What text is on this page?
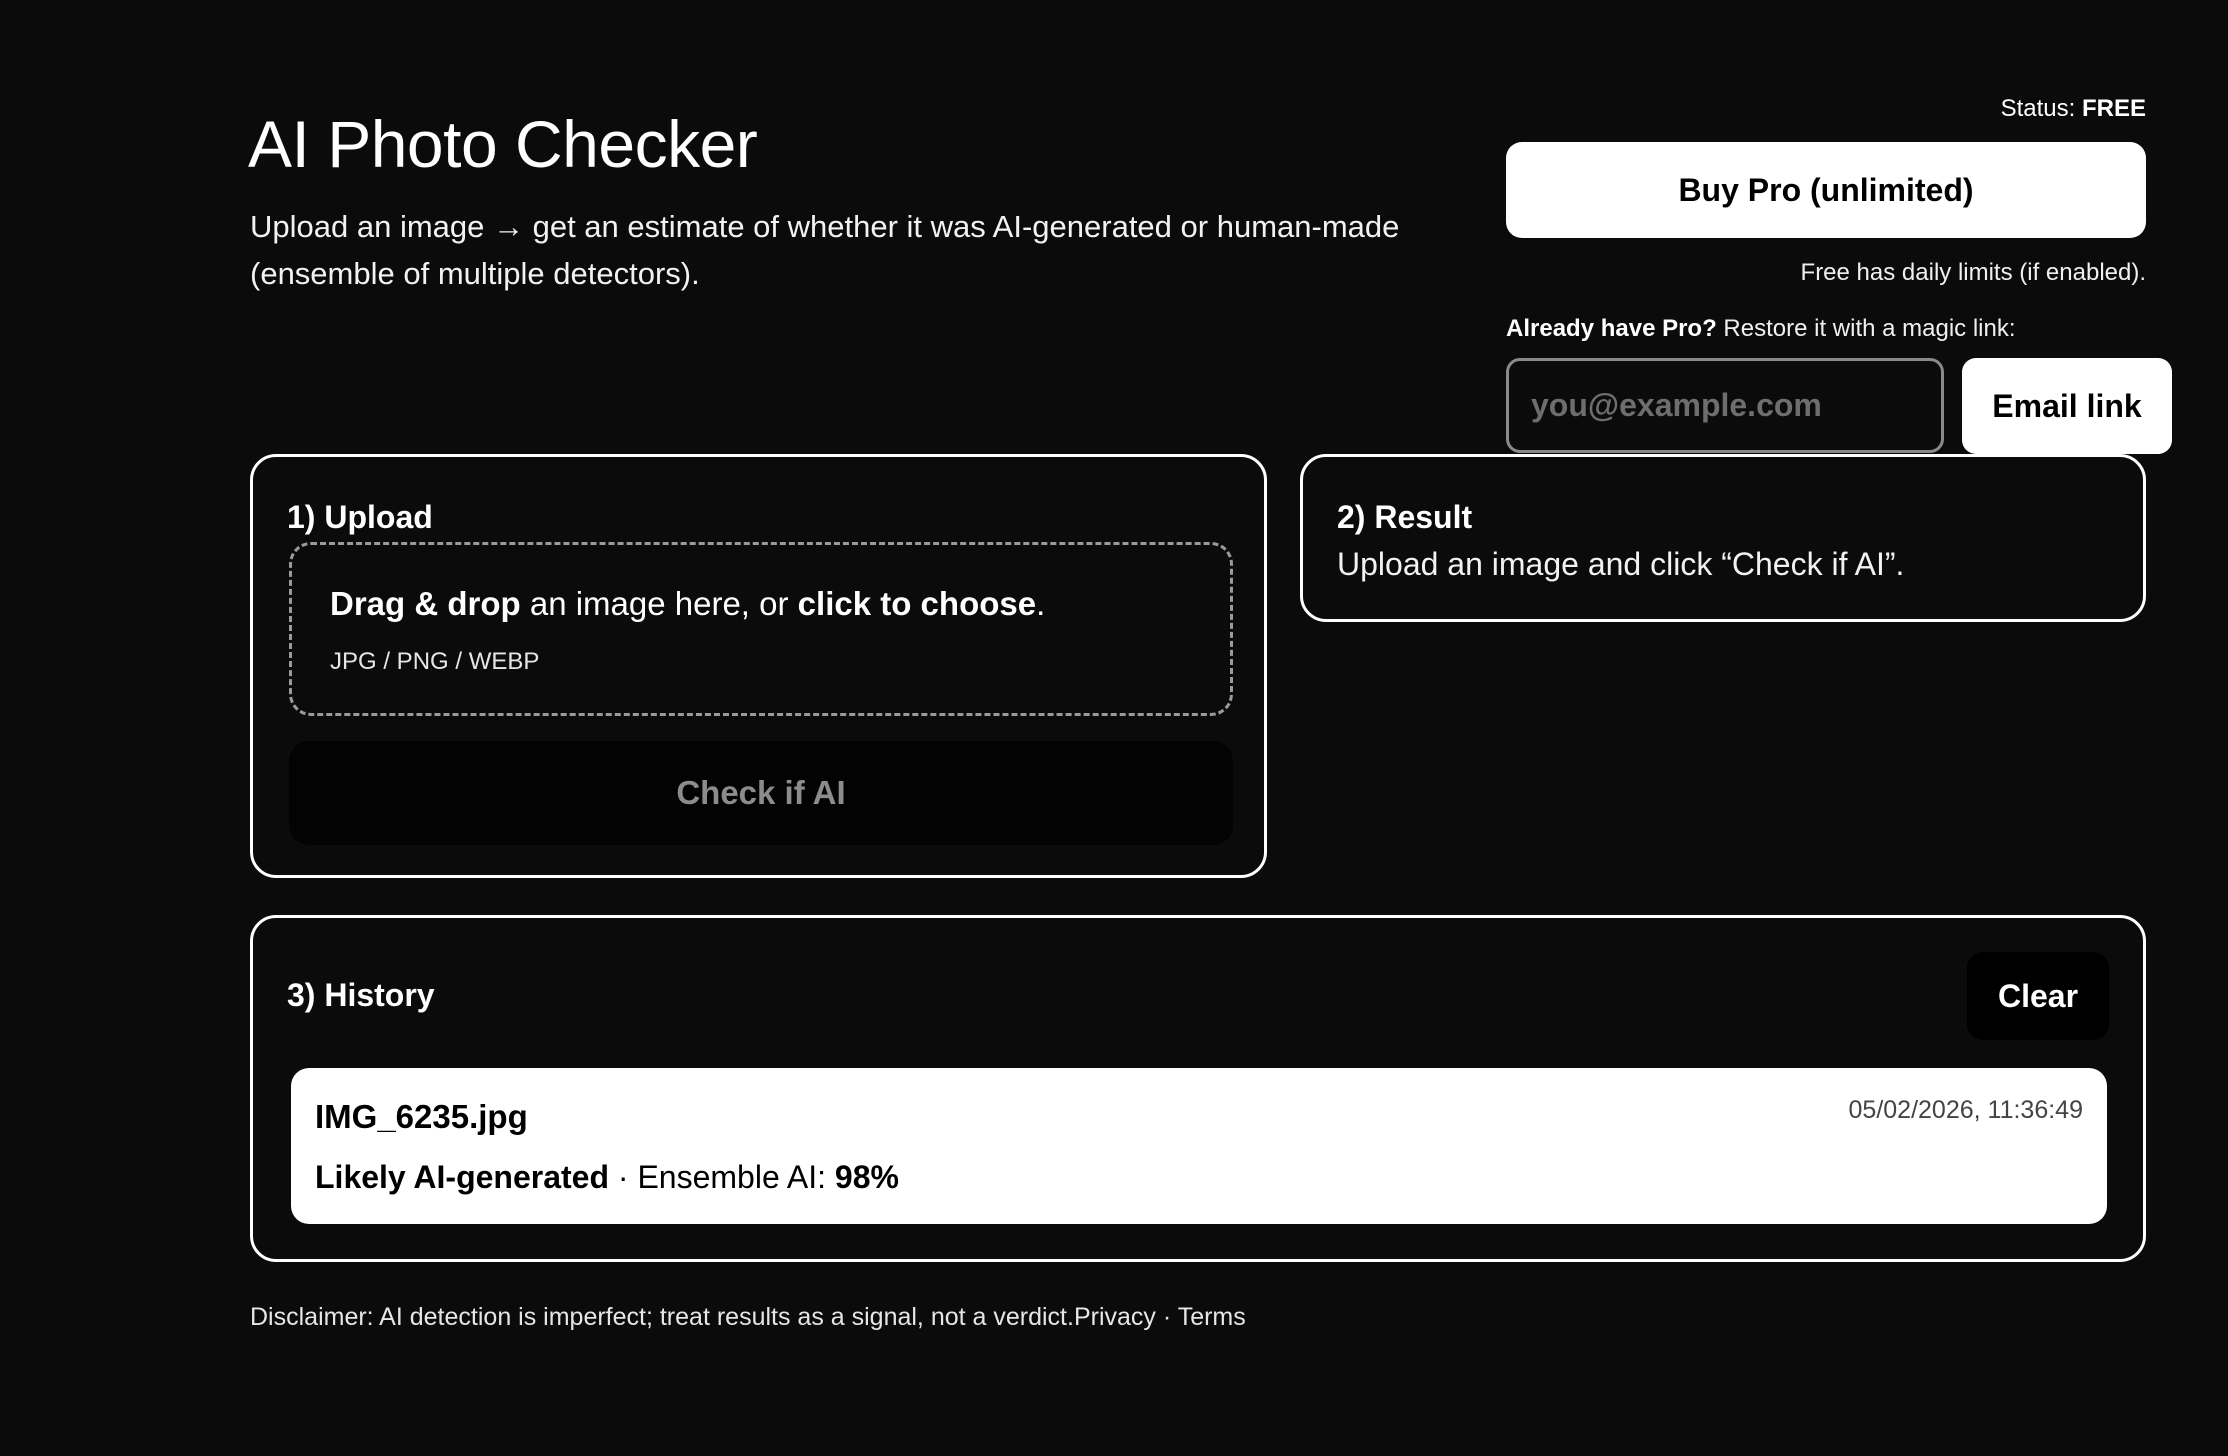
AI Photo Checker

Upload an image → get an estimate of whether it was AI-generated or human-made (ensemble of multiple detectors).

Status: FREE
Buy Pro (unlimited)
Free has daily limits (if enabled).
Already have Pro? Restore it with a magic link:
you@example.com
Email link
1) Upload
Drag & drop an image here, or click to choose.
JPG / PNG / WEBP
Check if AI
2) Result
Upload an image and click “Check if AI”.
3) History	Clear
IMG_6235.jpg	05/02/2026, 11:36:49
Likely AI-generated · Ensemble AI: 98%
Disclaimer: AI detection is imperfect; treat results as a signal, not a verdict.Privacy · Terms
